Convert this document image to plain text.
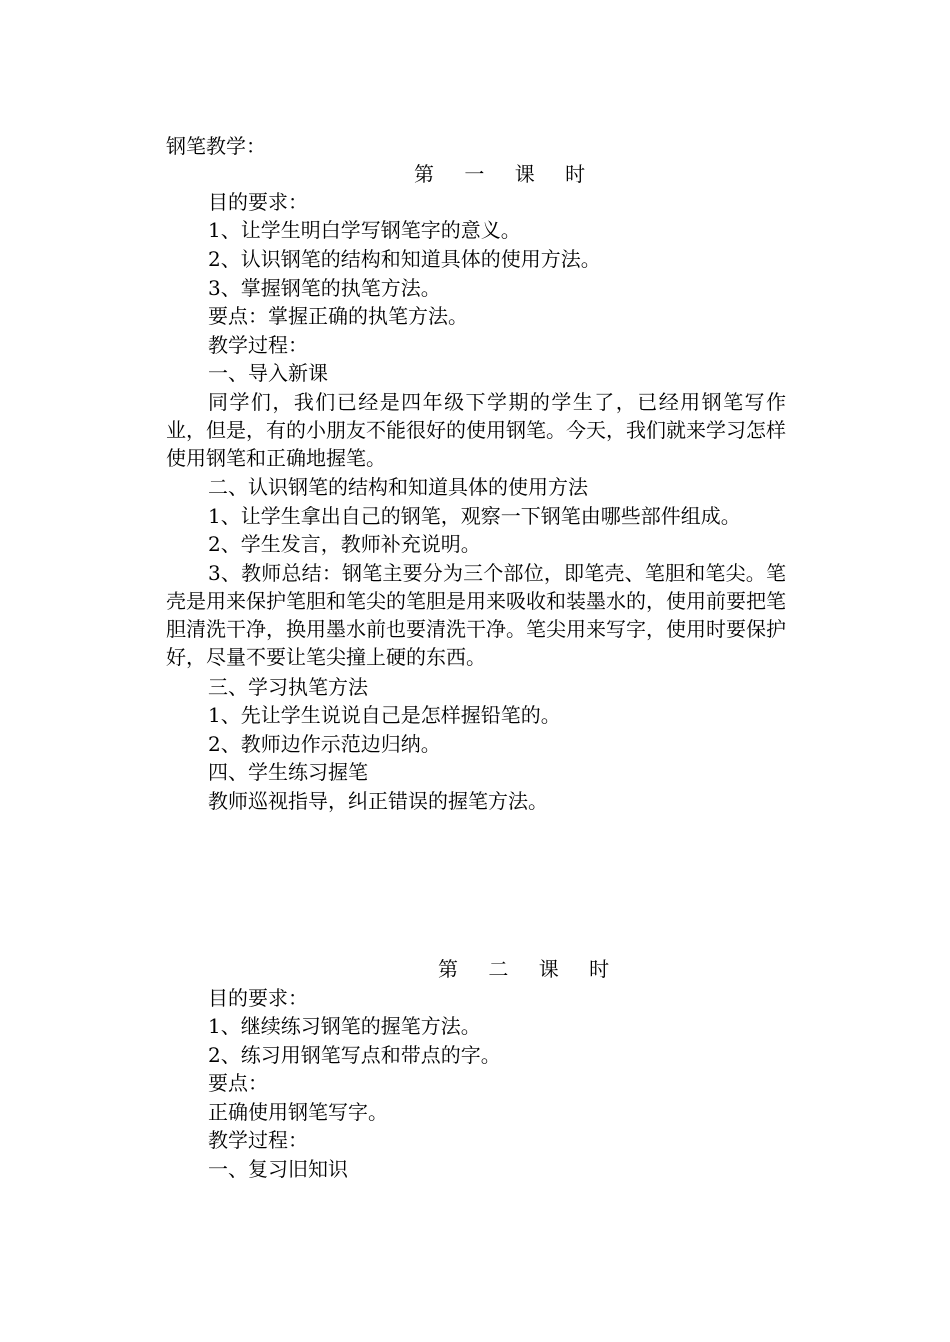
钢笔教学：
第 一 课 时
目的要求：
1、让学生明白学写钢笔字的意义。
2、认识钢笔的结构和知道具体的使用方法。
3、掌握钢笔的执笔方法。
要点：掌握正确的执笔方法。
教学过程：
一、导入新课
同学们，我们已经是四年级下学期的学生了，已经用钢笔写作业，但是，有的小朋友不能很好的使用钢笔。今天，我们就来学习怎样使用钢笔和正确地握笔。
二、认识钢笔的结构和知道具体的使用方法
1、让学生拿出自己的钢笔，观察一下钢笔由哪些部件组成。
2、学生发言，教师补充说明。
3、教师总结：钢笔主要分为三个部位，即笔壳、笔胆和笔尖。笔壳是用来保护笔胆和笔尖的笔胆是用来吸收和装墨水的，使用前要把笔胆清洗干净，换用墨水前也要清洗干净。笔尖用来写字，使用时要保护好，尽量不要让笔尖撞上硬的东西。
三、学习执笔方法
1、先让学生说说自己是怎样握铅笔的。
2、教师边作示范边归纳。
四、学生练习握笔
教师巡视指导，纠正错误的握笔方法。
第 二 课 时
目的要求：
1、继续练习钢笔的握笔方法。
2、练习用钢笔写点和带点的字。
要点：
正确使用钢笔写字。
教学过程：
一、复习旧知识
